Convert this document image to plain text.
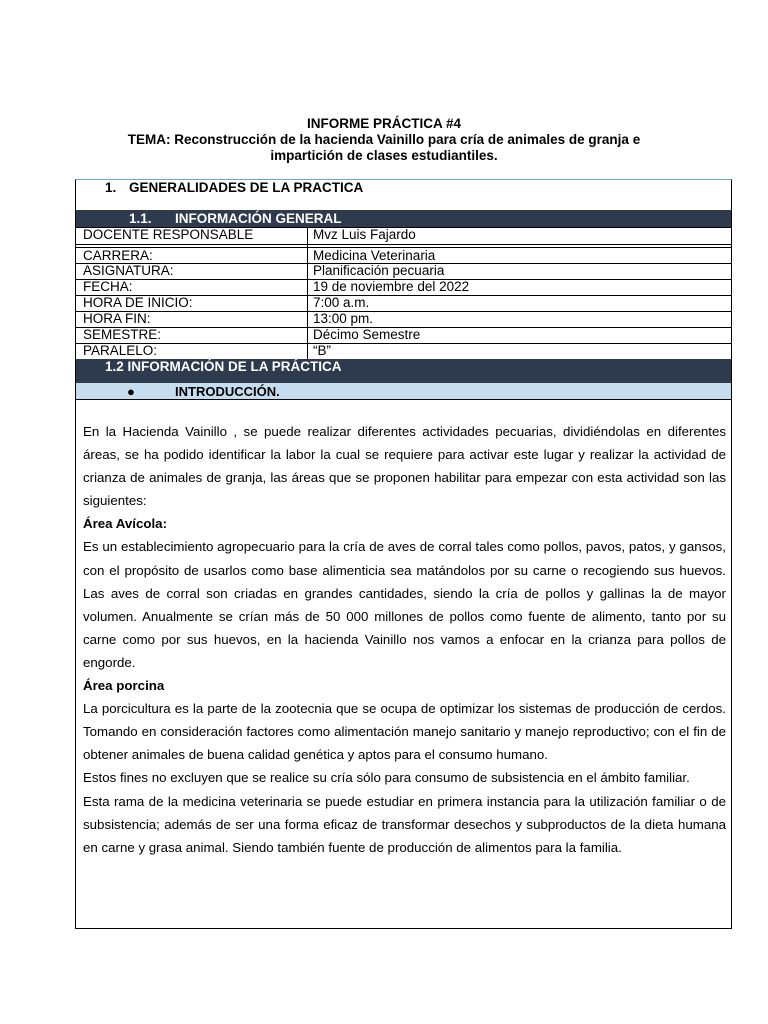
INFORME PRÁCTICA #4
TEMA: Reconstrucción de la hacienda Vainillo para cría de animales de granja e
impartición de clases estudiantiles.
1. GENERALIDADES DE LA PRACTICA
1.1. INFORMACIÓN GENERAL
DOCENTE RESPONSABLE	Mvz Luis Fajardo
CARRERA:	Medicina Veterinaria
ASIGNATURA:	Planificación pecuaria
FECHA:	19 de noviembre del 2022
HORA DE INICIO:	7:00 a.m.
HORA FIN:	13:00 pm.
SEMESTRE:	Décimo Semestre
PARALELO:	“B”
1.2 INFORMACIÓN DE LA PRÁCTICA
●	INTRODUCCIÓN.

En la Hacienda Vainillo , se puede realizar diferentes actividades pecuarias, dividiéndolas en diferentes áreas, se ha podido identificar la labor la cual se requiere para activar este lugar y realizar la actividad de crianza de animales de granja, las áreas que se proponen habilitar para empezar con esta actividad son las siguientes:

Área Avícola:

Es un establecimiento agropecuario para la cría de aves de corral tales como pollos, pavos, patos, y gansos, con el propósito de usarlos como base alimenticia sea matándolos por su carne o recogiendo sus huevos. Las aves de corral son criadas en grandes cantidades, siendo la cría de pollos y gallinas la de mayor volumen. Anualmente se crían más de 50 000 millones de pollos como fuente de alimento, tanto por su carne como por sus huevos, en la hacienda Vainillo nos vamos a enfocar en la crianza para pollos de engorde.

Área porcina

La porcicultura es la parte de la zootecnia que se ocupa de optimizar los sistemas de producción de cerdos. Tomando en consideración factores como alimentación manejo sanitario y manejo reproductivo; con el fin de obtener animales de buena calidad genética y aptos para el consumo humano.

Estos fines no excluyen que se realice su cría sólo para consumo de subsistencia en el ámbito familiar.

Esta rama de la medicina veterinaria se puede estudiar en primera instancia para la utilización familiar o de subsistencia; además de ser una forma eficaz de transformar desechos y subproductos de la dieta humana en carne y grasa animal. Siendo también fuente de producción de alimentos para la familia.
